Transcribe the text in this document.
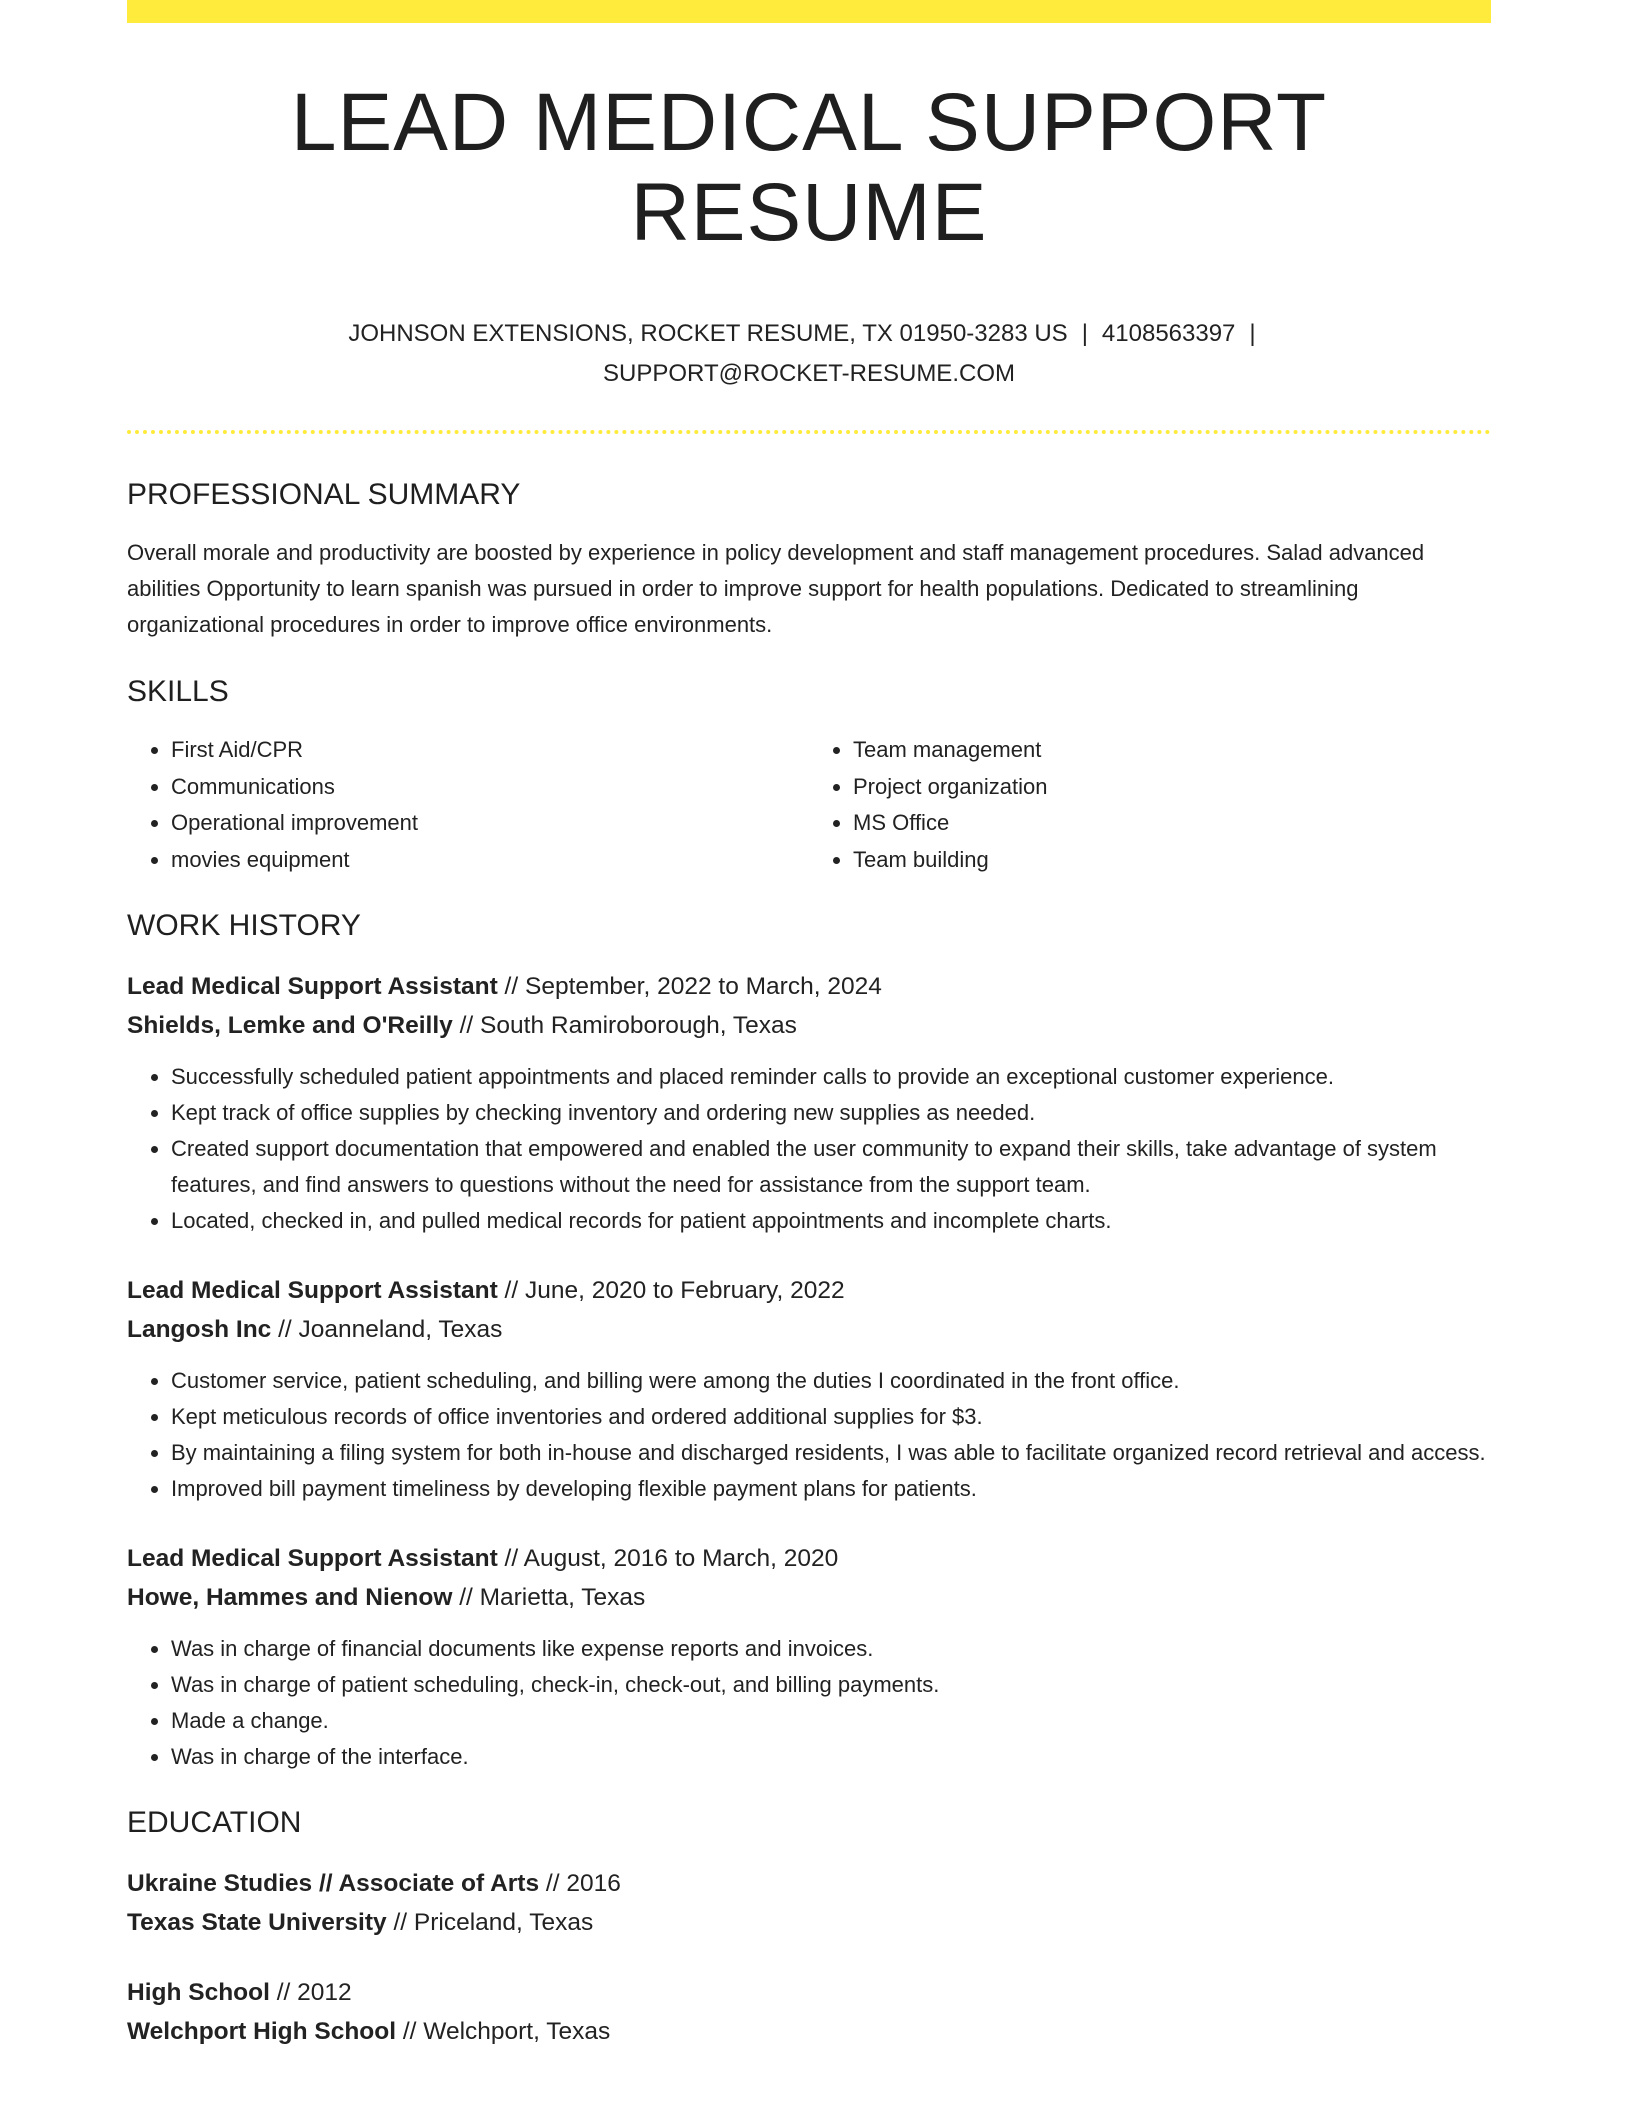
LEAD MEDICAL SUPPORT RESUME
JOHNSON EXTENSIONS, ROCKET RESUME, TX 01950-3283 US | 4108563397 |
SUPPORT@ROCKET-RESUME.COM
PROFESSIONAL SUMMARY

Overall morale and productivity are boosted by experience in policy development and staff management procedures. Salad advanced abilities Opportunity to learn spanish was pursued in order to improve support for health populations. Dedicated to streamlining organizational procedures in order to improve office environments.

SKILLS
• First Aid/CPR
• Communications
• Operational improvement
• movies equipment
• Team management
• Project organization
• MS Office
• Team building
WORK HISTORY
Lead Medical Support Assistant // September, 2022 to March, 2024
Shields, Lemke and O'Reilly // South Ramiroborough, Texas
• Successfully scheduled patient appointments and placed reminder calls to provide an exceptional customer experience.
• Kept track of office supplies by checking inventory and ordering new supplies as needed.
• Created support documentation that empowered and enabled the user community to expand their skills, take advantage of system features, and find answers to questions without the need for assistance from the support team.
• Located, checked in, and pulled medical records for patient appointments and incomplete charts.
Lead Medical Support Assistant // June, 2020 to February, 2022
Langosh Inc // Joanneland, Texas
• Customer service, patient scheduling, and billing were among the duties I coordinated in the front office.
• Kept meticulous records of office inventories and ordered additional supplies for $3.
• By maintaining a filing system for both in-house and discharged residents, I was able to facilitate organized record retrieval and access.
• Improved bill payment timeliness by developing flexible payment plans for patients.
Lead Medical Support Assistant // August, 2016 to March, 2020
Howe, Hammes and Nienow // Marietta, Texas
• Was in charge of financial documents like expense reports and invoices.
• Was in charge of patient scheduling, check-in, check-out, and billing payments.
• Made a change.
• Was in charge of the interface.
EDUCATION
Ukraine Studies // Associate of Arts // 2016
Texas State University // Priceland, Texas
High School // 2012
Welchport High School // Welchport, Texas
